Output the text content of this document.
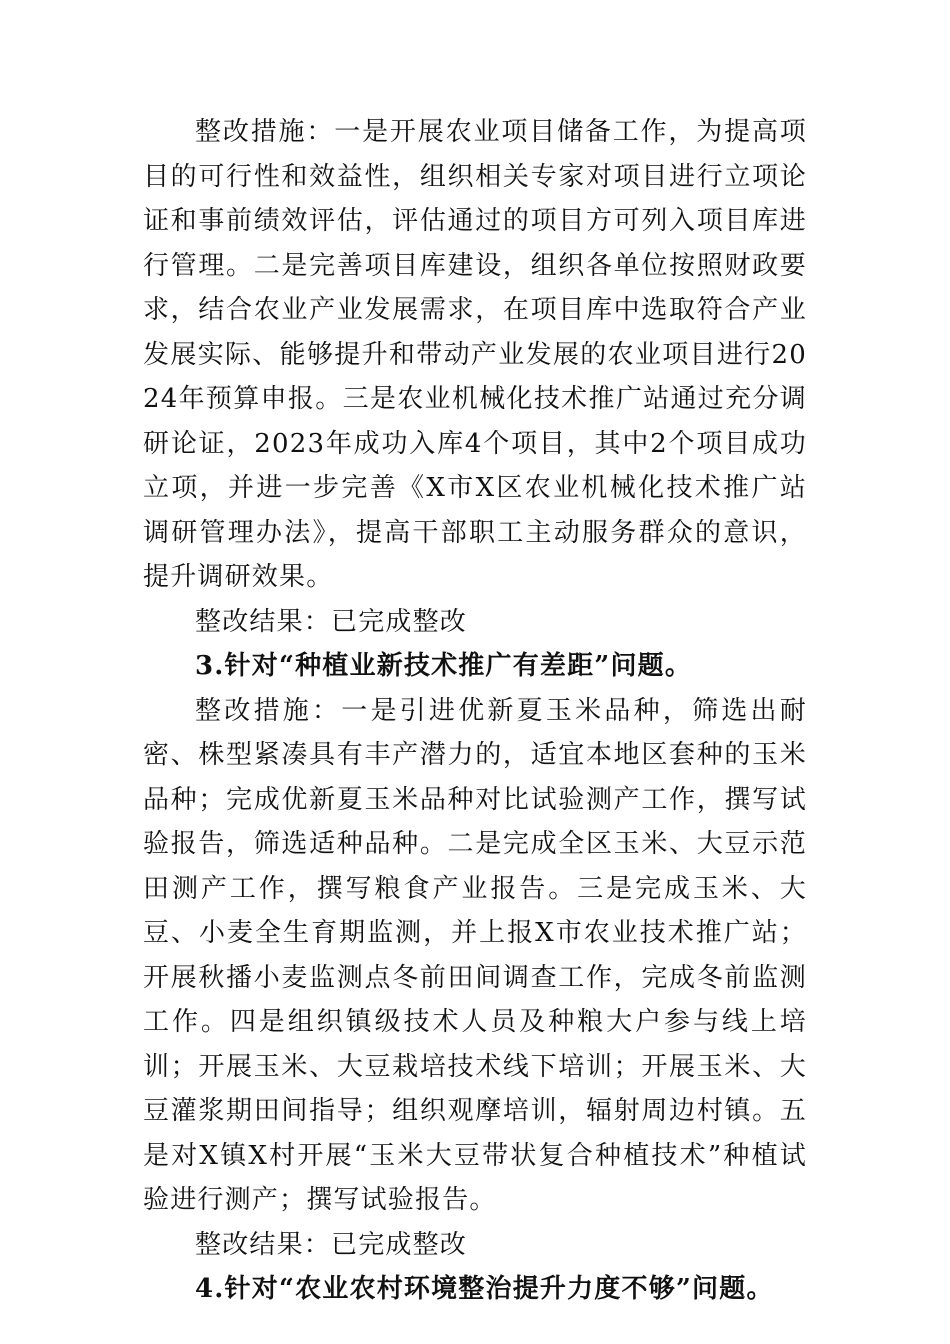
整改措施：一是开展农业项目储备工作，为提高项目的可行性和效益性，组织相关专家对项目进行立项论证和事前绩效评估，评估通过的项目方可列入项目库进行管理。二是完善项目库建设，组织各单位按照财政要求，结合农业产业发展需求，在项目库中选取符合产业发展实际、能够提升和带动产业发展的农业项目进行2024年预算申报。三是农业机械化技术推广站通过充分调研论证，2023年成功入库4个项目，其中2个项目成功立项，并进一步完善《X市X区农业机械化技术推广站调研管理办法》，提高干部职工主动服务群众的意识，提升调研效果。

整改结果：已完成整改

3.针对“种植业新技术推广有差距”问题。

整改措施：一是引进优新夏玉米品种，筛选出耐密、株型紧凑具有丰产潜力的，适宜本地区套种的玉米品种；完成优新夏玉米品种对比试验测产工作，撰写试验报告，筛选适种品种。二是完成全区玉米、大豆示范田测产工作，撰写粮食产业报告。三是完成玉米、大豆、小麦全生育期监测，并上报X市农业技术推广站；开展秋播小麦监测点冬前田间调查工作，完成冬前监测工作。四是组织镇级技术人员及种粮大户参与线上培训；开展玉米、大豆栽培技术线下培训；开展玉米、大豆灌浆期田间指导；组织观摩培训，辐射周边村镇。五是对X镇X村开展“玉米大豆带状复合种植技术”种植试验进行测产；撰写试验报告。

整改结果：已完成整改

4.针对“农业农村环境整治提升力度不够”问题。
